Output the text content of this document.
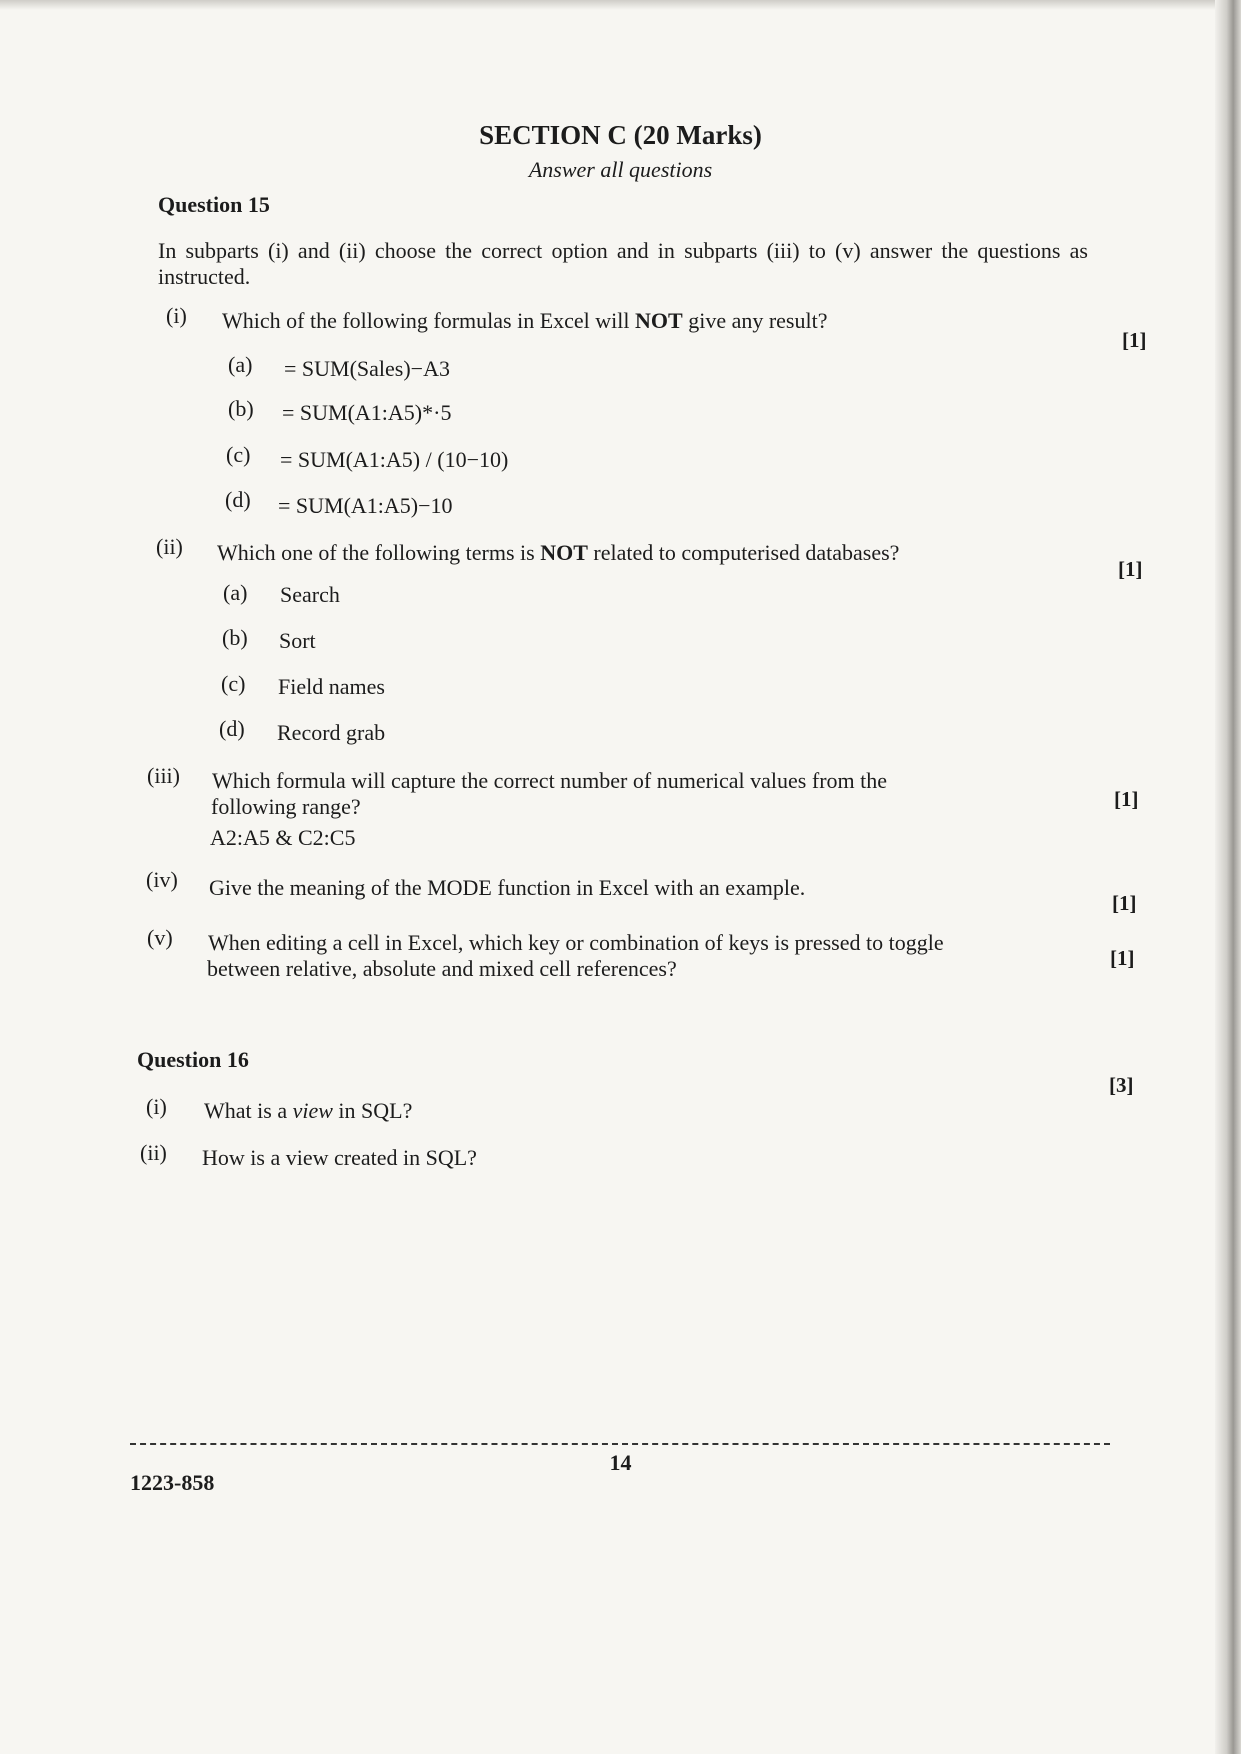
SECTION C (20 Marks)
Answer all questions
Question 15
In subparts (i) and (ii) choose the correct option and in subparts (iii) to (v) answer the questions as instructed.
(i) Which of the following formulas in Excel will NOT give any result?
[1]
(a) = SUM(Sales)−A3
(b) = SUM(A1:A5)*·5
(c) = SUM(A1:A5) / (10−10)
(d) = SUM(A1:A5)−10
(ii) Which one of the following terms is NOT related to computerised databases?
[1]
(a) Search
(b) Sort
(c) Field names
(d) Record grab
(iii) Which formula will capture the correct number of numerical values from the
following range?
A2:A5 & C2:C5
[1]
(iv) Give the meaning of the MODE function in Excel with an example.
[1]
(v) When editing a cell in Excel, which key or combination of keys is pressed to toggle
between relative, absolute and mixed cell references?	[1]
Question 16
[3]
(i) What is a view in SQL?
(ii) How is a view created in SQL?
14
1223-858
